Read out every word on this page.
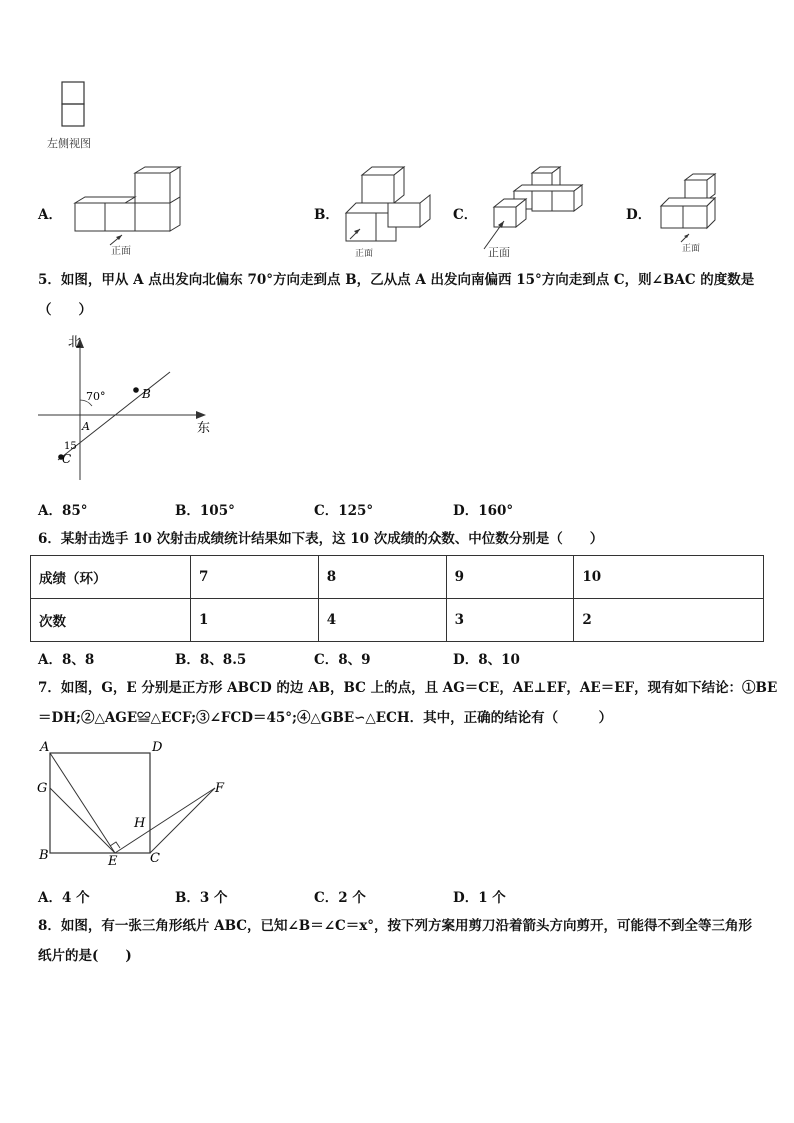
左侧视图
A．
正面
B．
正面
C．
正面
D．
正面
5．如图，甲从 A 点出发向北偏东 70°方向走到点 B，乙从点 A 出发向南偏西 15°方向走到点 C，则∠BAC 的度数是
（　　）
北
东
70°
15
A
B
C
A．85°	B．105°	C．125°	D．160°
6．某射击选手 10 次射击成绩统计结果如下表，这 10 次成绩的众数、中位数分别是（　　）
成绩（环）	7	8	9	10
次数	1	4	3	2
A．8、8	B．8、8.5	C．8、9	D．8、10
7．如图，G，E 分别是正方形 ABCD 的边 AB，BC 上的点，且 AG＝CE，AE⊥EF，AE＝EF，现有如下结论：①BE
＝DH;②△AGE≌△ECF;③∠FCD＝45°;④△GBE∽△ECH．其中，正确的结论有（　　　）
A	D
G	F
H
B	E	C
A．4 个	B．3 个	C．2 个	D．1 个
8．如图，有一张三角形纸片 ABC，已知∠B＝∠C＝x°，按下列方案用剪刀沿着箭头方向剪开，可能得不到全等三角形
纸片的是(　　)
